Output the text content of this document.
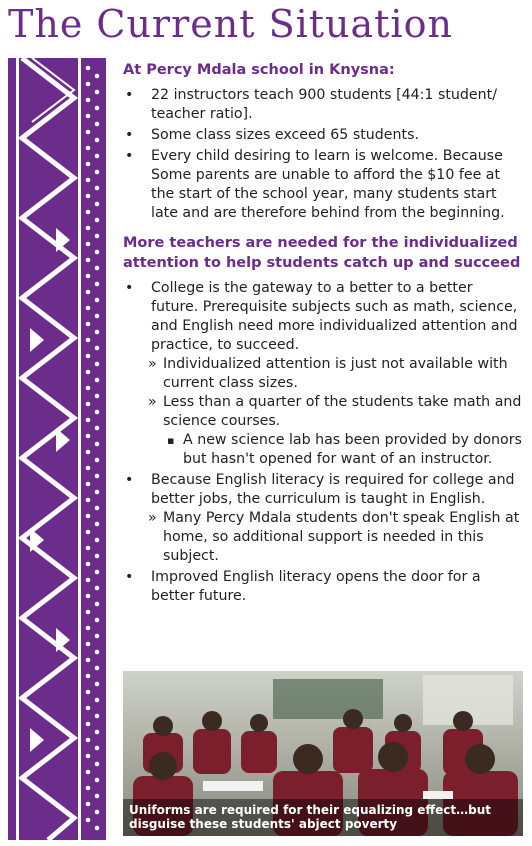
The Current Situation
At Percy Mdala school in Knysna:
• 22 instructors teach 900 students [44:1 student/ teacher ratio].
• Some class sizes exceed 65 students.
• Every child desiring to learn is welcome. Because Some parents are unable to afford the $10 fee at the start of the school year, many students start late and are therefore behind from the beginning.
More teachers are needed for the individualized attention to help students catch up and succeed
• College is the gateway to a better to a better future. Prerequisite subjects such as math, science, and English need more individualized attention and practice, to succeed.
» Individualized attention is just not available with current class sizes.
» Less than a quarter of the students take math and science courses.
▪ A new science lab has been provided by donors but hasn't opened for want of an instructor.
• Because English literacy is required for college and better jobs, the curriculum is taught in English.
» Many Percy Mdala students don't speak English at home, so additional support is needed in this subject.
• Improved English literacy opens the door for a better future.
Uniforms are required for their equalizing effect…but disguise these students' abject poverty
